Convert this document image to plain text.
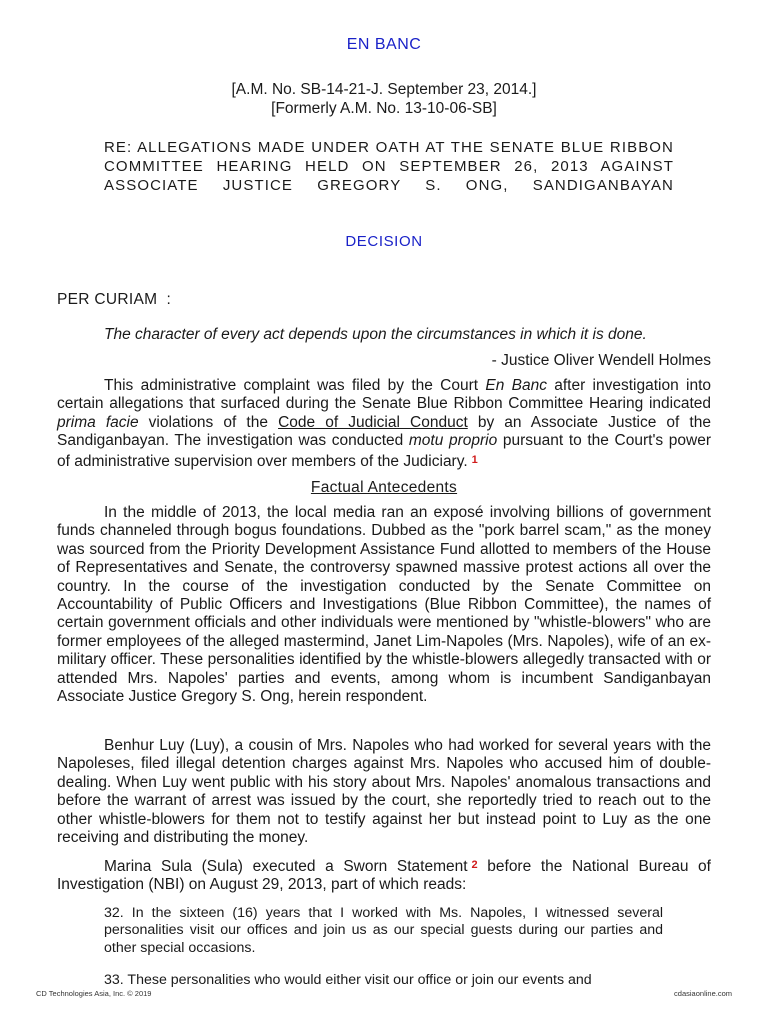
EN BANC
[A.M. No. SB-14-21-J. September 23, 2014.]
[Formerly A.M. No. 13-10-06-SB]
RE: ALLEGATIONS MADE UNDER OATH AT THE SENATE BLUE RIBBON COMMITTEE HEARING HELD ON SEPTEMBER 26, 2013 AGAINST ASSOCIATE JUSTICE GREGORY S. ONG, SANDIGANBAYAN
DECISION
PER CURIAM :
The character of every act depends upon the circumstances in which it is done.
- Justice Oliver Wendell Holmes

This administrative complaint was filed by the Court En Banc after investigation into certain allegations that surfaced during the Senate Blue Ribbon Committee Hearing indicated prima facie violations of the Code of Judicial Conduct by an Associate Justice of the Sandiganbayan. The investigation was conducted motu proprio pursuant to the Court's power of administrative supervision over members of the Judiciary. 1

Factual Antecedents

In the middle of 2013, the local media ran an exposé involving billions of government funds channeled through bogus foundations. Dubbed as the "pork barrel scam," as the money was sourced from the Priority Development Assistance Fund allotted to members of the House of Representatives and Senate, the controversy spawned massive protest actions all over the country. In the course of the investigation conducted by the Senate Committee on Accountability of Public Officers and Investigations (Blue Ribbon Committee), the names of certain government officials and other individuals were mentioned by "whistle-blowers" who are former employees of the alleged mastermind, Janet Lim-Napoles (Mrs. Napoles), wife of an ex-military officer. These personalities identified by the whistle-blowers allegedly transacted with or attended Mrs. Napoles' parties and events, among whom is incumbent Sandiganbayan Associate Justice Gregory S. Ong, herein respondent.

Benhur Luy (Luy), a cousin of Mrs. Napoles who had worked for several years with the Napoleses, filed illegal detention charges against Mrs. Napoles who accused him of double-dealing. When Luy went public with his story about Mrs. Napoles' anomalous transactions and before the warrant of arrest was issued by the court, she reportedly tried to reach out to the other whistle-blowers for them not to testify against her but instead point to Luy as the one receiving and distributing the money.

Marina Sula (Sula) executed a Sworn Statement 2 before the National Bureau of Investigation (NBI) on August 29, 2013, part of which reads:

32. In the sixteen (16) years that I worked with Ms. Napoles, I witnessed several personalities visit our offices and join us as our special guests during our parties and other special occasions.

33. These personalities who would either visit our office or join our events and

CD Technologies Asia, Inc. © 2019	cdasiaonline.com
